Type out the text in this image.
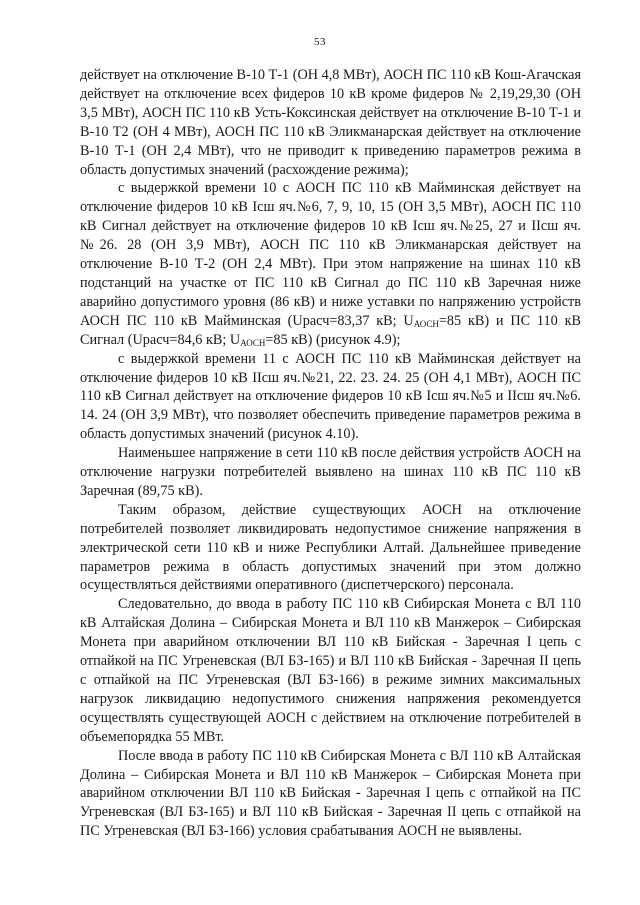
53

действует на отключение В-10 Т-1 (ОН 4,8 МВт), АОСН ПС 110 кВ Кош-Агачская действует на отключение всех фидеров 10 кВ кроме фидеров № 2,19,29,30 (ОН 3,5 МВт), АОСН ПС 110 кВ Усть-Коксинская действует на отключение В-10 Т-1 и В-10 Т2 (ОН 4 МВт), АОСН ПС 110 кВ Эликманарская действует на отключение В-10 Т-1 (ОН 2,4 МВт), что не приводит к приведению параметров режима в область допустимых значений (расхождение режима);

с выдержкой времени 10 с АОСН ПС 110 кВ Майминская действует на отключение фидеров 10 кВ Iсш яч.№6, 7, 9, 10, 15 (ОН 3,5 МВт), АОСН ПС 110 кВ Сигнал действует на отключение фидеров 10 кВ Iсш яч.№25, 27 и IIсш яч.№26. 28 (ОН 3,9 МВт), АОСН ПС 110 кВ Эликманарская действует на отключение В-10 Т-2 (ОН 2,4 МВт). При этом напряжение на шинах 110 кВ подстанций на участке от ПС 110 кВ Сигнал до ПС 110 кВ Заречная ниже аварийно допустимого уровня (86 кВ) и ниже уставки по напряжению устройств АОСН ПС 110 кВ Майминская (Uрасч=83,37 кВ; $U_{АОСН}=85$ кВ) и ПС 110 кВ Сигнал (Uрасч=84,6 кВ; $U_{АОСН}=85$ кВ) (рисунок 4.9);

с выдержкой времени 11 с АОСН ПС 110 кВ Майминская действует на отключение фидеров 10 кВ IIсш яч.№21, 22. 23. 24. 25 (ОН 4,1 МВт), АОСН ПС 110 кВ Сигнал действует на отключение фидеров 10 кВ Iсш яч.№5 и IIсш яч.№6. 14. 24 (ОН 3,9 МВт), что позволяет обеспечить приведение параметров режима в область допустимых значений (рисунок 4.10).

Наименьшее напряжение в сети 110 кВ после действия устройств АОСН на отключение нагрузки потребителей выявлено на шинах 110 кВ ПС 110 кВ Заречная (89,75 кВ).

Таким образом, действие существующих АОСН на отключение потребителей позволяет ликвидировать недопустимое снижение напряжения в электрической сети 110 кВ и ниже Республики Алтай. Дальнейшее приведение параметров режима в область допустимых значений при этом должно осуществляться действиями оперативного (диспетчерского) персонала.

Следовательно, до ввода в работу ПС 110 кВ Сибирская Монета с ВЛ 110 кВ Алтайская Долина – Сибирская Монета и ВЛ 110 кВ Манжерок – Сибирская Монета при аварийном отключении ВЛ 110 кВ Бийская - Заречная I цепь с отпайкой на ПС Угреневская (ВЛ БЗ-165) и ВЛ 110 кВ Бийская - Заречная II цепь с отпайкой на ПС Угреневская (ВЛ БЗ-166) в режиме зимних максимальных нагрузок ликвидацию недопустимого снижения напряжения рекомендуется осуществлять существующей АОСН с действием на отключение потребителей в объемепорядка 55 МВт.

После ввода в работу ПС 110 кВ Сибирская Монета с ВЛ 110 кВ Алтайская Долина – Сибирская Монета и ВЛ 110 кВ Манжерок – Сибирская Монета при аварийном отключении ВЛ 110 кВ Бийская - Заречная I цепь с отпайкой на ПС Угреневская (ВЛ БЗ-165) и ВЛ 110 кВ Бийская - Заречная II цепь с отпайкой на ПС Угреневская (ВЛ БЗ-166) условия срабатывания АОСН не выявлены.
